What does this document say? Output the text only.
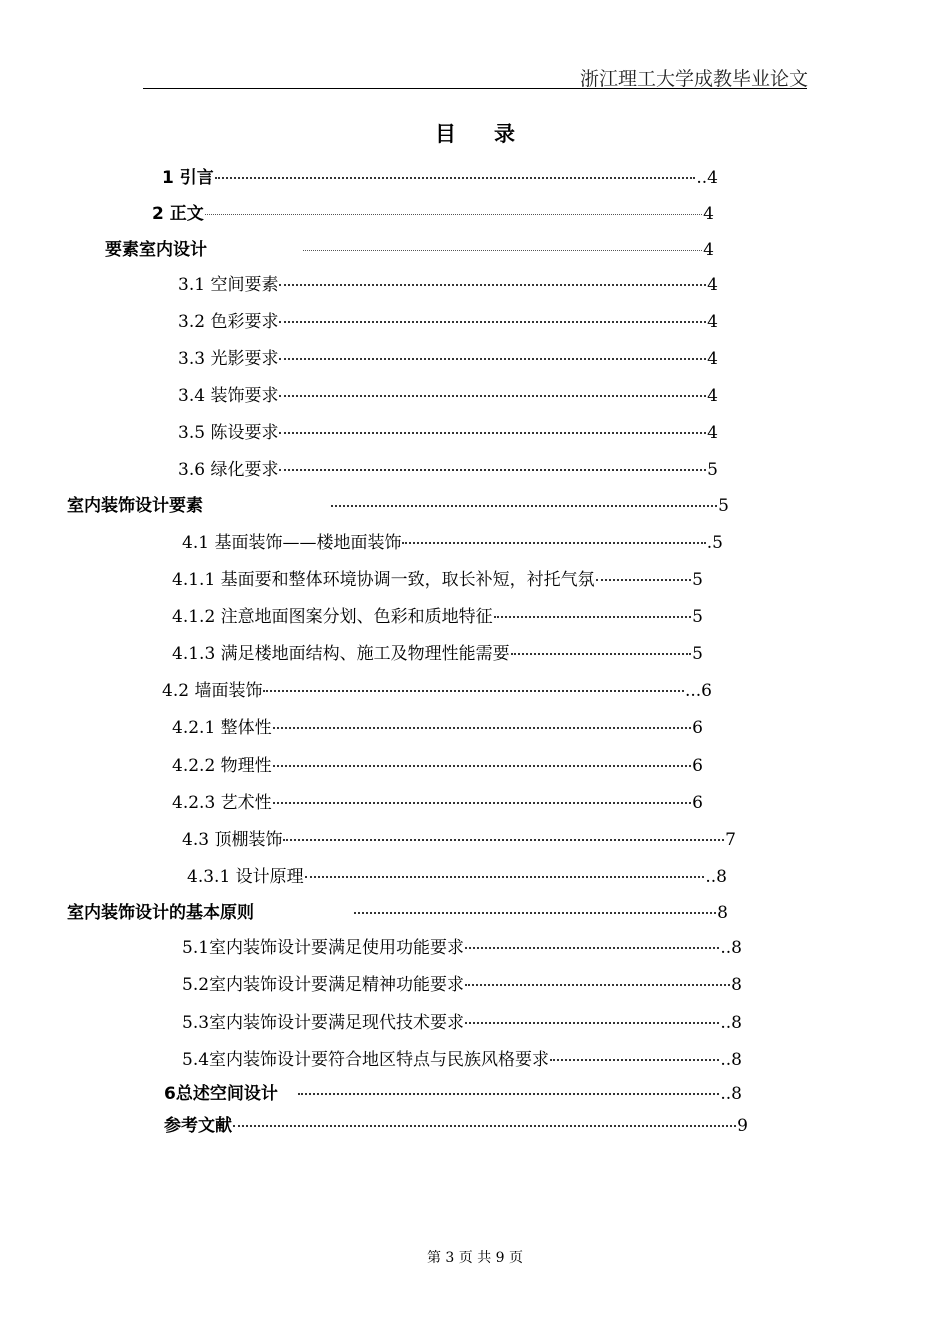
浙江理工大学成教毕业论文
目录
1 引言	..4
2 正文	4
要素室内设计	4
3.1 空间要素	4
3.2 色彩要求	4
3.3 光影要求	4
3.4 装饰要求	4
3.5 陈设要求	4
3.6 绿化要求	5
室内装饰设计要素	5
4.1 基面装饰——楼地面装饰	.5
4.1.1 基面要和整体环境协调一致，取长补短，衬托气氛	5
4.1.2 注意地面图案分划、色彩和质地特征	5
4.1.3 满足楼地面结构、施工及物理性能需要	5
4.2 墙面装饰	...6
4.2.1 整体性	6
4.2.2 物理性	6
4.2.3 艺术性	6
4.3 顶棚装饰	7
4.3.1 设计原理	..8
室内装饰设计的基本原则	8
5.1室内装饰设计要满足使用功能要求	..8
5.2室内装饰设计要满足精神功能要求	8
5.3室内装饰设计要满足现代技术要求	..8
5.4室内装饰设计要符合地区特点与民族风格要求	..8
6总述空间设计	..8
参考文献	9
第 3 页 共 9 页
